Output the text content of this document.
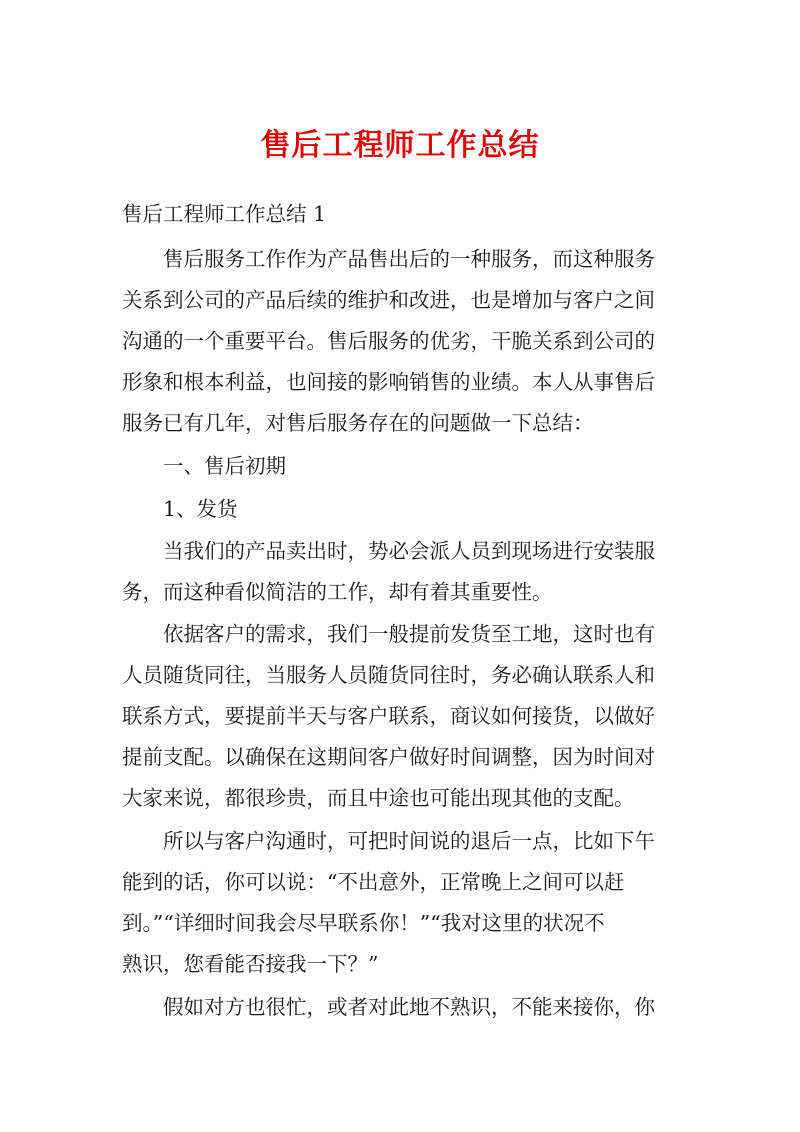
售后工程师工作总结
售后工程师工作总结 1
售后服务工作作为产品售出后的一种服务，而这种服务
关系到公司的产品后续的维护和改进，也是增加与客户之间
沟通的一个重要平台。售后服务的优劣，干脆关系到公司的
形象和根本利益，也间接的影响销售的业绩。本人从事售后
服务已有几年，对售后服务存在的问题做一下总结：
一、售后初期
1、发货
当我们的产品卖出时，势必会派人员到现场进行安装服
务，而这种看似简洁的工作，却有着其重要性。
依据客户的需求，我们一般提前发货至工地，这时也有
人员随货同往，当服务人员随货同往时，务必确认联系人和
联系方式，要提前半天与客户联系，商议如何接货，以做好
提前支配。以确保在这期间客户做好时间调整，因为时间对
大家来说，都很珍贵，而且中途也可能出现其他的支配。
所以与客户沟通时，可把时间说的退后一点，比如下午
能到的话，你可以说：“不出意外，正常晚上之间可以赶
到。”“详细时间我会尽早联系你！”“我对这里的状况不
熟识，您看能否接我一下？”
假如对方也很忙，或者对此地不熟识，不能来接你，你
